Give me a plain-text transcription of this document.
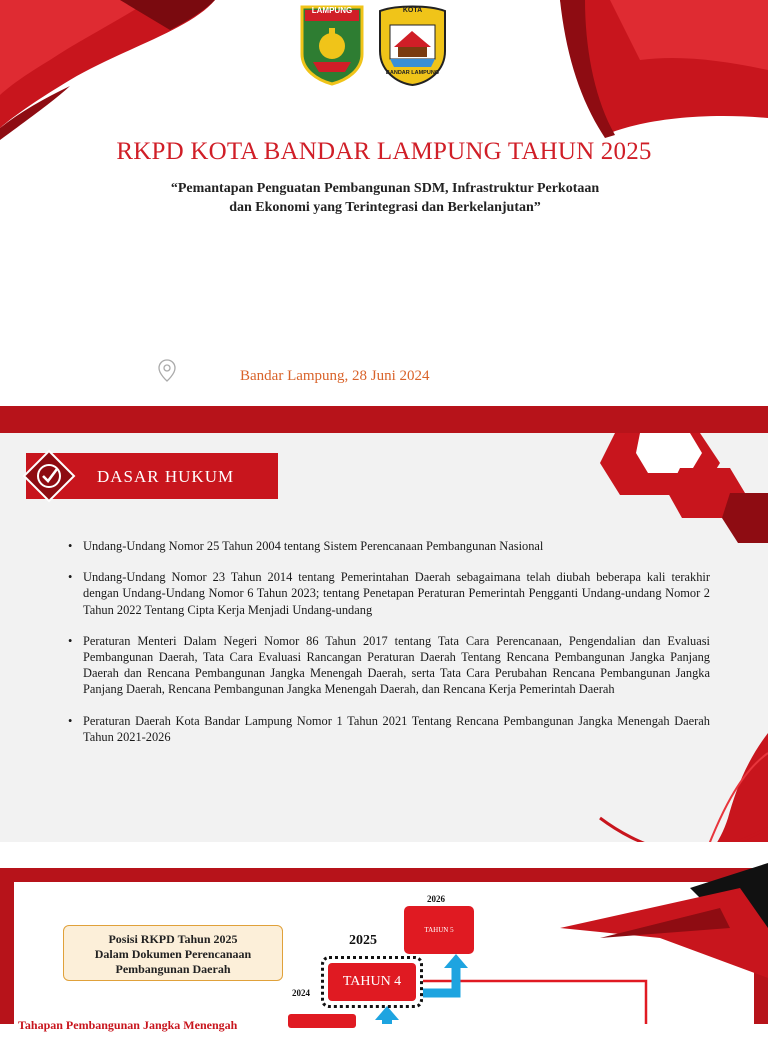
LAMPUNG	KOTA
BANDAR LAMPUNG
RKPD KOTA BANDAR LAMPUNG TAHUN 2025
“Pemantapan Penguatan Pembangunan SDM, Infrastruktur Perkotaan
dan Ekonomi yang Terintegrasi dan Berkelanjutan”
Bandar Lampung, 28 Juni 2024
DASAR HUKUM
• Undang-Undang Nomor 25 Tahun 2004 tentang Sistem Perencanaan Pembangunan Nasional
• Undang-Undang Nomor 23 Tahun 2014 tentang Pemerintahan Daerah sebagaimana telah diubah beberapa kali terakhir dengan Undang-Undang Nomor 6 Tahun 2023; tentang Penetapan Peraturan Pemerintah Pengganti Undang-undang Nomor 2 Tahun 2022 Tentang Cipta Kerja Menjadi Undang-undang
• Peraturan Menteri Dalam Negeri Nomor 86 Tahun 2017 tentang Tata Cara Perencanaan, Pengendalian dan Evaluasi Pembangunan Daerah, Tata Cara Evaluasi Rancangan Peraturan Daerah Tentang Rencana Pembangunan Jangka Panjang Daerah dan Rencana Pembangunan Jangka Menengah Daerah, serta Tata Cara Perubahan Rencana Pembangunan Jangka Panjang Daerah, Rencana Pembangunan Jangka Menengah Daerah, dan Rencana Kerja Pemerintah Daerah
• Peraturan Daerah Kota Bandar Lampung Nomor 1 Tahun 2021 Tentang Rencana Pembangunan Jangka Menengah Daerah Tahun 2021-2026
Posisi RKPD Tahun 2025
Dalam Dokumen Perencanaan
Pembangunan Daerah
2026
TAHUN 5
2025
TAHUN 4
2024
Tahapan Pembangunan Jangka Menengah
